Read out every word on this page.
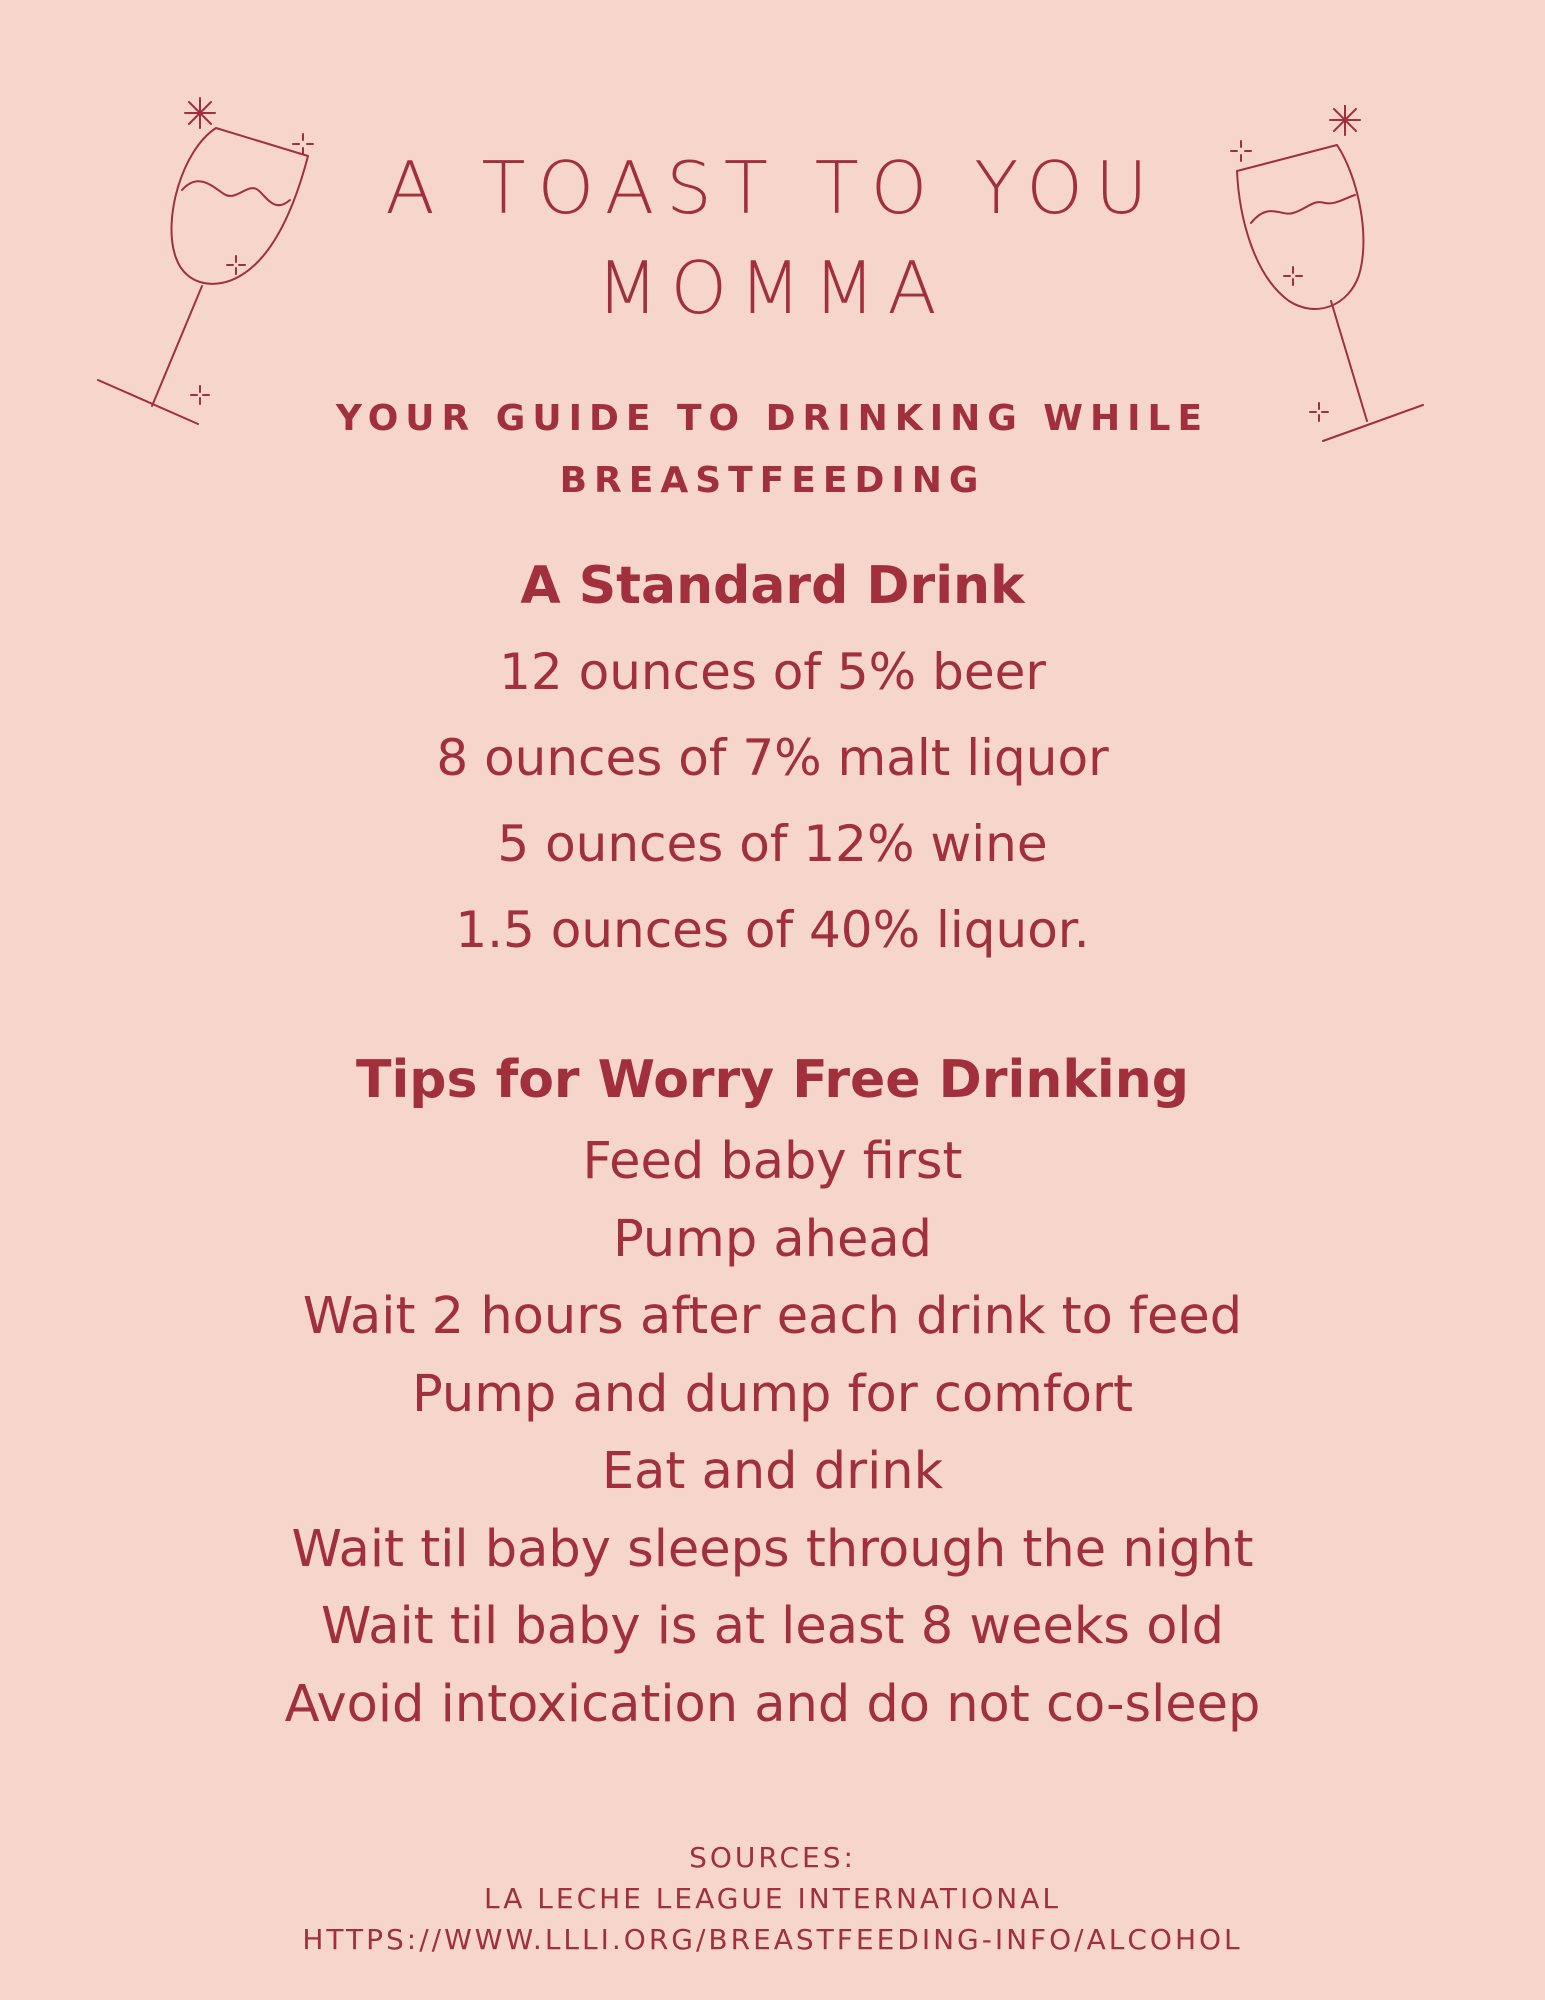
A TOAST TO YOU
MOMMA
YOUR GUIDE TO DRINKING WHILE
BREASTFEEDING
A Standard Drink
12 ounces of 5% beer
8 ounces of 7% malt liquor
5 ounces of 12% wine
1.5 ounces of 40% liquor.
Tips for Worry Free Drinking
Feed baby first
Pump ahead
Wait 2 hours after each drink to feed
Pump and dump for comfort
Eat and drink
Wait til baby sleeps through the night
Wait til baby is at least 8 weeks old
Avoid intoxication and do not co-sleep
SOURCES:
LA LECHE LEAGUE INTERNATIONAL
HTTPS://WWW.LLLI.ORG/BREASTFEEDING-INFO/ALCOHOL
